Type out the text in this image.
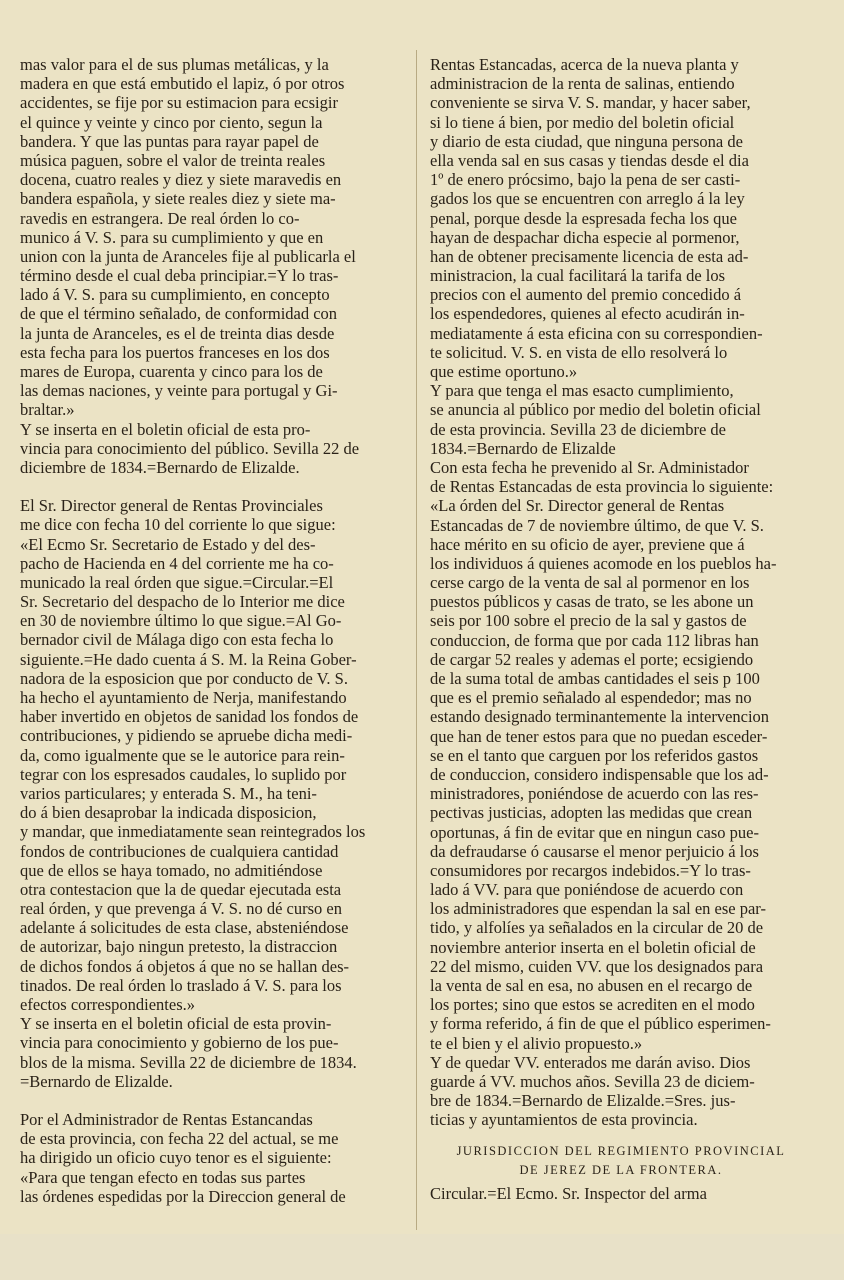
mas valor para el de sus plumas metálicas, y la
madera en que está embutido el lapiz, ó por otros
accidentes, se fije por su estimacion para ecsigir
el quince y veinte y cinco por ciento, segun la
bandera. Y que las puntas para rayar papel de
música paguen, sobre el valor de treinta reales
docena, cuatro reales y diez y siete maravedis en
bandera española, y siete reales diez y siete ma-
ravedis en estrangera. De real órden lo co-
munico á V. S. para su cumplimiento y que en
union con la junta de Aranceles fije al publicarla el
término desde el cual deba principiar.=Y lo tras-
lado á V. S. para su cumplimiento, en concepto
de que el término señalado, de conformidad con
la junta de Aranceles, es el de treinta dias desde
esta fecha para los puertos franceses en los dos
mares de Europa, cuarenta y cinco para los de
las demas naciones, y veinte para portugal y Gi-
braltar.»
Y se inserta en el boletin oficial de esta pro-
vincia para conocimiento del público. Sevilla 22 de
diciembre de 1834.=Bernardo de Elizalde.
El Sr. Director general de Rentas Provinciales
me dice con fecha 10 del corriente lo que sigue:
«El Ecmo Sr. Secretario de Estado y del des-
pacho de Hacienda en 4 del corriente me ha co-
municado la real órden que sigue.=Circular.=El
Sr. Secretario del despacho de lo Interior me dice
en 30 de noviembre último lo que sigue.=Al Go-
bernador civil de Málaga digo con esta fecha lo
siguiente.=He dado cuenta á S. M. la Reina Gober-
nadora de la esposicion que por conducto de V. S.
ha hecho el ayuntamiento de Nerja, manifestando
haber invertido en objetos de sanidad los fondos de
contribuciones, y pidiendo se apruebe dicha medi-
da, como igualmente que se le autorice para rein-
tegrar con los espresados caudales, lo suplido por
varios particulares; y enterada S. M., ha teni-
do á bien desaprobar la indicada disposicion,
y mandar, que inmediatamente sean reintegrados los
fondos de contribuciones de cualquiera cantidad
que de ellos se haya tomado, no admitiéndose
otra contestacion que la de quedar ejecutada esta
real órden, y que prevenga á V. S. no dé curso en
adelante á solicitudes de esta clase, absteniéndose
de autorizar, bajo ningun pretesto, la distraccion
de dichos fondos á objetos á que no se hallan des-
tinados. De real órden lo traslado á V. S. para los
efectos correspondientes.»
Y se inserta en el boletin oficial de esta provin-
vincia para conocimiento y gobierno de los pue-
blos de la misma. Sevilla 22 de diciembre de 1834.
=Bernardo de Elizalde.
Por el Administrador de Rentas Estancandas
de esta provincia, con fecha 22 del actual, se me
ha dirigido un oficio cuyo tenor es el siguiente:
«Para que tengan efecto en todas sus partes
las órdenes espedidas por la Direccion general de
Rentas Estancadas, acerca de la nueva planta y
administracion de la renta de salinas, entiendo
conveniente se sirva V. S. mandar, y hacer saber,
si lo tiene á bien, por medio del boletin oficial
y diario de esta ciudad, que ninguna persona de
ella venda sal en sus casas y tiendas desde el dia
1º de enero prócsimo, bajo la pena de ser casti-
gados los que se encuentren con arreglo á la ley
penal, porque desde la espresada fecha los que
hayan de despachar dicha especie al pormenor,
han de obtener precisamente licencia de esta ad-
ministracion, la cual facilitará la tarifa de los
precios con el aumento del premio concedido á
los espendedores, quienes al efecto acudirán in-
mediatamente á esta eficina con su correspondien-
te solicitud. V. S. en vista de ello resolverá lo
que estime oportuno.»
Y para que tenga el mas esacto cumplimiento,
se anuncia al público por medio del boletin oficial
de esta provincia. Sevilla 23 de diciembre de
1834.=Bernardo de Elizalde
Con esta fecha he prevenido al Sr. Administador
de Rentas Estancadas de esta provincia lo siguiente:
«La órden del Sr. Director general de Rentas
Estancadas de 7 de noviembre último, de que V. S.
hace mérito en su oficio de ayer, previene que á
los individuos á quienes acomode en los pueblos ha-
cerse cargo de la venta de sal al pormenor en los
puestos públicos y casas de trato, se les abone un
seis por 100 sobre el precio de la sal y gastos de
conduccion, de forma que por cada 112 libras han
de cargar 52 reales y ademas el porte; ecsigiendo
de la suma total de ambas cantidades el seis p 100
que es el premio señalado al espendedor; mas no
estando designado terminantemente la intervencion
que han de tener estos para que no puedan esceder-
se en el tanto que carguen por los referidos gastos
de conduccion, considero indispensable que los ad-
ministradores, poniéndose de acuerdo con las res-
pectivas justicias, adopten las medidas que crean
oportunas, á fin de evitar que en ningun caso pue-
da defraudarse ó causarse el menor perjuicio á los
consumidores por recargos indebidos.=Y lo tras-
lado á VV. para que poniéndose de acuerdo con
los administradores que espendan la sal en ese par-
tido, y alfolíes ya señalados en la circular de 20 de
noviembre anterior inserta en el boletin oficial de
22 del mismo, cuiden VV. que los designados para
la venta de sal en esa, no abusen en el recargo de
los portes; sino que estos se acrediten en el modo
y forma referido, á fin de que el público esperimen-
te el bien y el alivio propuesto.»
Y de quedar VV. enterados me darán aviso. Dios
guarde á VV. muchos años. Sevilla 23 de diciem-
bre de 1834.=Bernardo de Elizalde.=Sres. jus-
ticias y ayuntamientos de esta provincia.
JURISDICCION DEL REGIMIENTO PROVINCIAL
DE JEREZ DE LA FRONTERA.
Circular.=El Ecmo. Sr. Inspector del arma
